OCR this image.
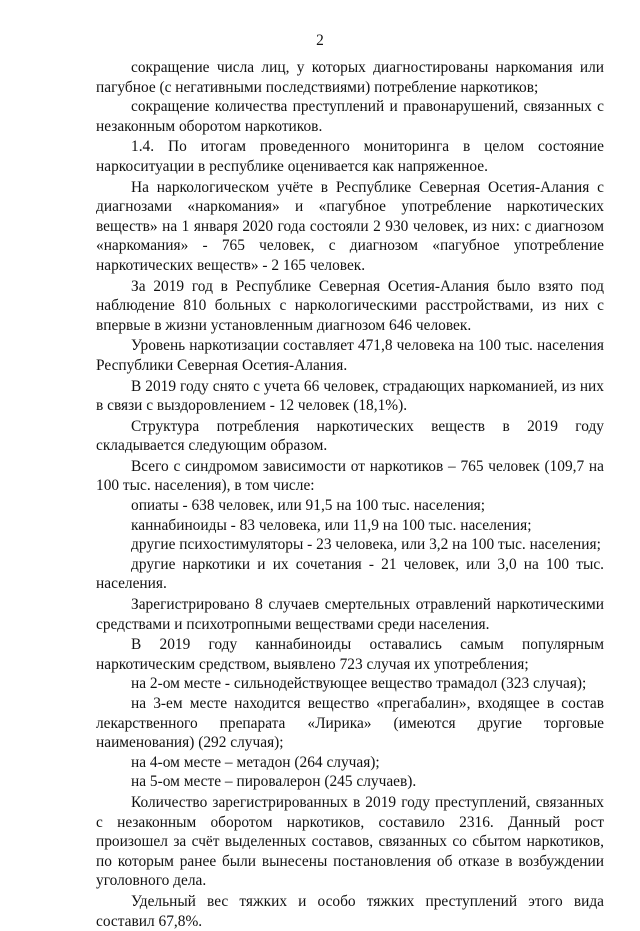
2

сокращение числа лиц, у которых диагностированы наркомания или пагубное (с негативными последствиями) потребление наркотиков;

сокращение количества преступлений и правонарушений, связанных с незаконным оборотом наркотиков.

1.4. По итогам проведенного мониторинга в целом состояние наркоситуации в республике оценивается как напряженное.

На наркологическом учёте в Республике Северная Осетия-Алания с диагнозами «наркомания» и «пагубное употребление наркотических веществ» на 1 января 2020 года состояли 2 930 человек, из них: с диагнозом «наркомания» - 765 человек, с диагнозом «пагубное употребление наркотических веществ» - 2 165 человек.

За 2019 год в Республике Северная Осетия-Алания было взято под наблюдение 810 больных с наркологическими расстройствами, из них с впервые в жизни установленным диагнозом 646 человек.

Уровень наркотизации составляет 471,8 человека на 100 тыс. населения Республики Северная Осетия-Алания.

В 2019 году снято с учета 66 человек, страдающих наркоманией, из них в связи с выздоровлением - 12 человек (18,1%).

Структура потребления наркотических веществ в 2019 году складывается следующим образом.

Всего с синдромом зависимости от наркотиков – 765 человек (109,7 на 100 тыс. населения), в том числе:

опиаты - 638 человек, или 91,5 на 100 тыс. населения;

каннабиноиды - 83 человека, или 11,9 на 100 тыс. населения;

другие психостимуляторы - 23 человека, или 3,2 на 100 тыс. населения;

другие наркотики и их сочетания - 21 человек, или 3,0 на 100 тыс. населения.

Зарегистрировано 8 случаев смертельных отравлений наркотическими средствами и психотропными веществами среди населения.

В 2019 году каннабиноиды оставались самым популярным наркотическим средством, выявлено 723 случая их употребления;

на 2-ом месте - сильнодействующее вещество трамадол (323 случая);

на 3-ем месте находится вещество «прегабалин», входящее в состав лекарственного препарата «Лирика» (имеются другие торговые наименования) (292 случая);

на 4-ом месте – метадон (264 случая);

на 5-ом месте – пировалерон (245 случаев).

Количество зарегистрированных в 2019 году преступлений, связанных с незаконным оборотом наркотиков, составило 2316. Данный рост произошел за счёт выделенных составов, связанных со сбытом наркотиков, по которым ранее были вынесены постановления об отказе в возбуждении уголовного дела.

Удельный вес тяжких и особо тяжких преступлений этого вида составил 67,8%.
